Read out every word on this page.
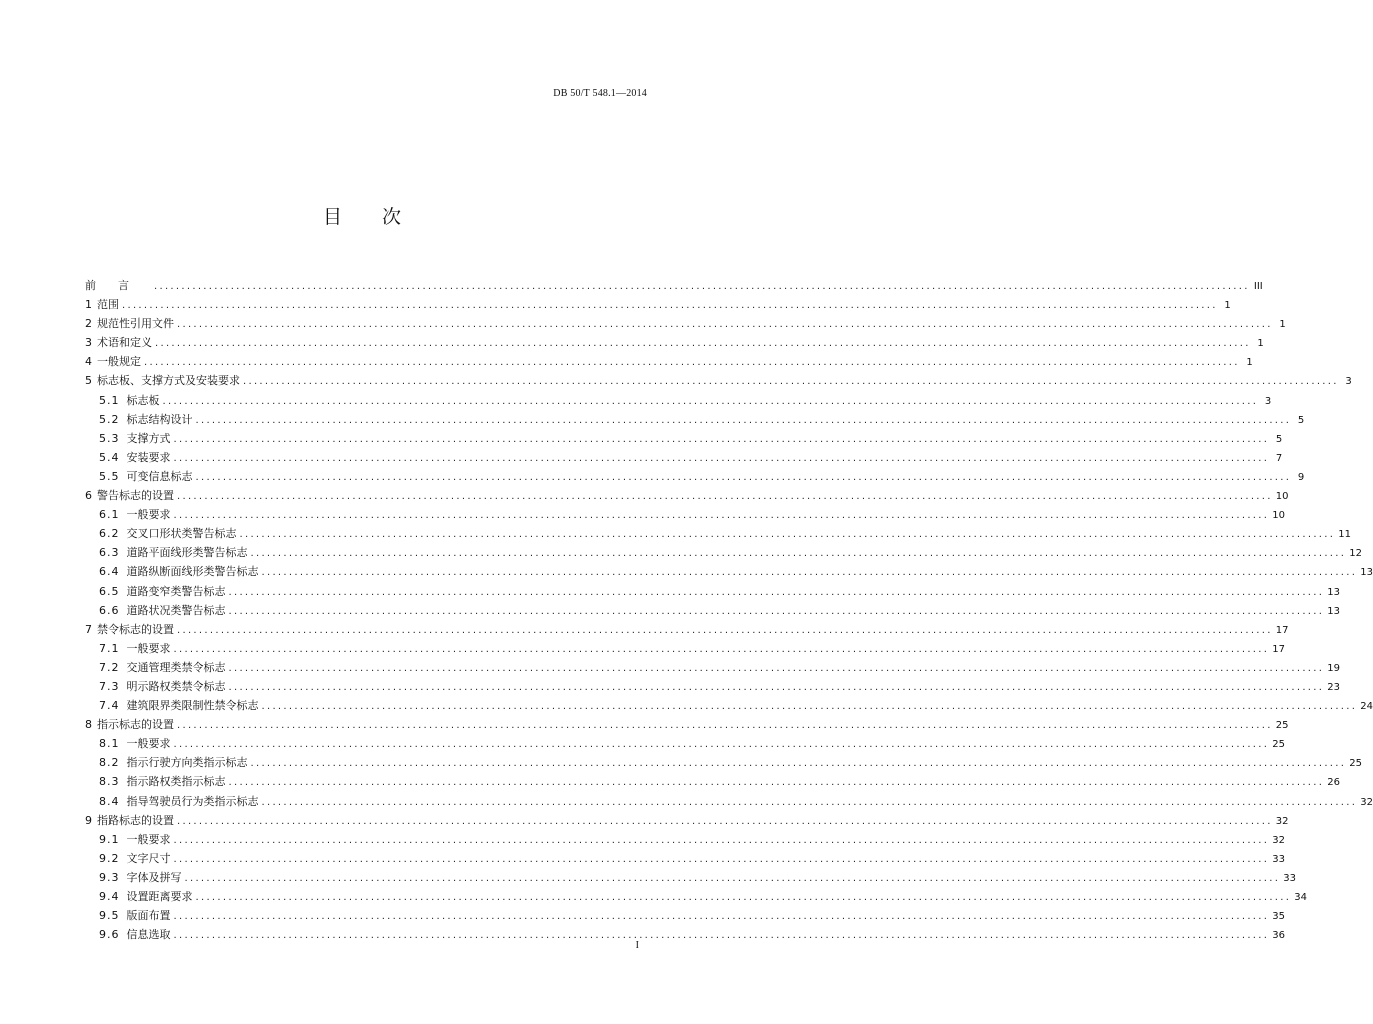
DB 50/T 548.1—2014
目 次
前言 ........................................................................................................................................................................................................ III
1 范围 ........................................................................................................................................................................................................ 1
2 规范性引用文件 ........................................................................................................................................................................................................ 1
3 术语和定义 ........................................................................................................................................................................................................ 1
4 一般规定 ........................................................................................................................................................................................................ 1
5 标志板、支撑方式及安装要求 ........................................................................................................................................................................................................ 3
5.1 标志板 ........................................................................................................................................................................................................ 3
5.2 标志结构设计 ........................................................................................................................................................................................................ 5
5.3 支撑方式 ........................................................................................................................................................................................................ 5
5.4 安装要求 ........................................................................................................................................................................................................ 7
5.5 可变信息标志 ........................................................................................................................................................................................................ 9
6 警告标志的设置 ........................................................................................................................................................................................................ 10
6.1 一般要求 ........................................................................................................................................................................................................ 10
6.2 交叉口形状类警告标志 ........................................................................................................................................................................................................ 11
6.3 道路平面线形类警告标志 ........................................................................................................................................................................................................ 12
6.4 道路纵断面线形类警告标志 ........................................................................................................................................................................................................ 13
6.5 道路变窄类警告标志 ........................................................................................................................................................................................................ 13
6.6 道路状况类警告标志 ........................................................................................................................................................................................................ 13
7 禁令标志的设置 ........................................................................................................................................................................................................ 17
7.1 一般要求 ........................................................................................................................................................................................................ 17
7.2 交通管理类禁令标志 ........................................................................................................................................................................................................ 19
7.3 明示路权类禁令标志 ........................................................................................................................................................................................................ 23
7.4 建筑限界类限制性禁令标志 ........................................................................................................................................................................................................ 24
8 指示标志的设置 ........................................................................................................................................................................................................ 25
8.1 一般要求 ........................................................................................................................................................................................................ 25
8.2 指示行驶方向类指示标志 ........................................................................................................................................................................................................ 25
8.3 指示路权类指示标志 ........................................................................................................................................................................................................ 26
8.4 指导驾驶员行为类指示标志 ........................................................................................................................................................................................................ 32
9 指路标志的设置 ........................................................................................................................................................................................................ 32
9.1 一般要求 ........................................................................................................................................................................................................ 32
9.2 文字尺寸 ........................................................................................................................................................................................................ 33
9.3 字体及拼写 ........................................................................................................................................................................................................ 33
9.4 设置距离要求 ........................................................................................................................................................................................................ 34
9.5 版面布置 ........................................................................................................................................................................................................ 35
9.6 信息选取 ........................................................................................................................................................................................................ 36
I
